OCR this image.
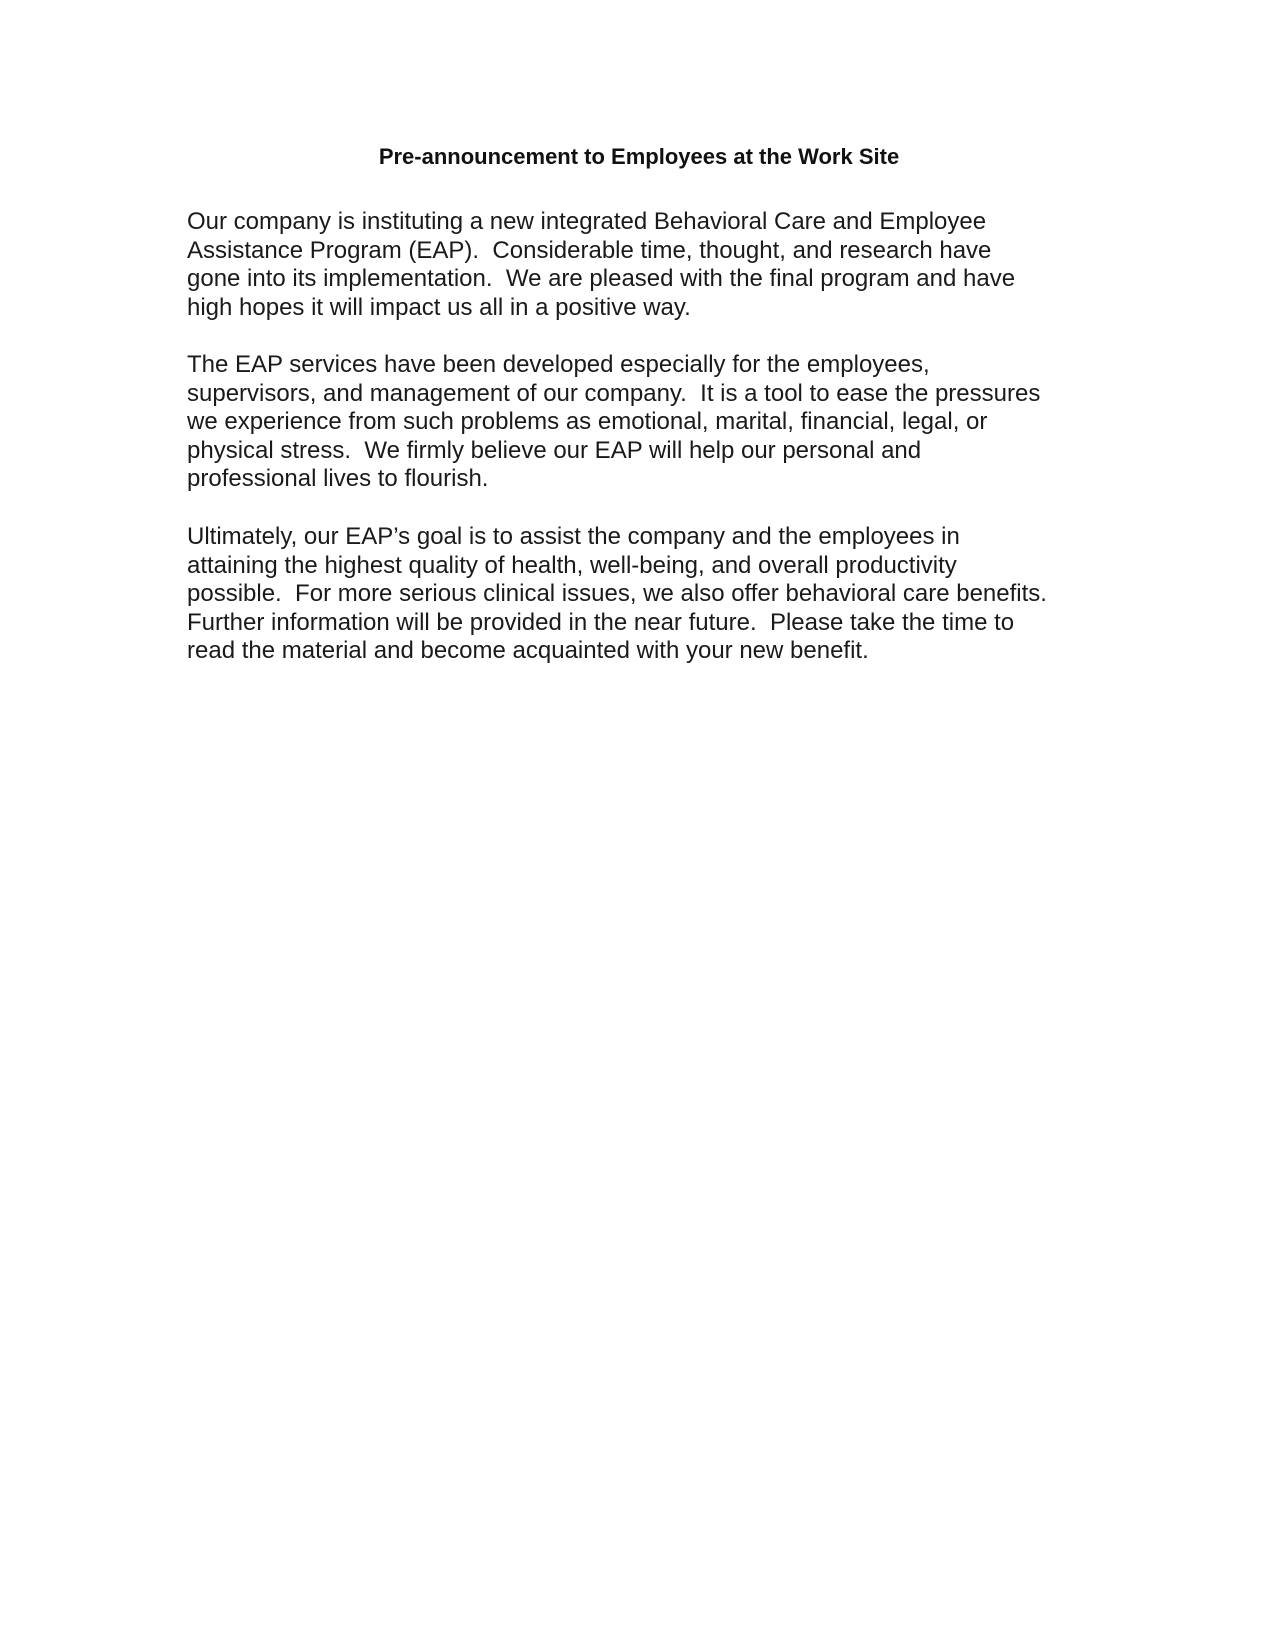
Pre-announcement to Employees at the Work Site

Our company is instituting a new integrated Behavioral Care and Employee
Assistance Program (EAP).  Considerable time, thought, and research have
gone into its implementation.  We are pleased with the final program and have
high hopes it will impact us all in a positive way.

The EAP services have been developed especially for the employees,
supervisors, and management of our company.  It is a tool to ease the pressures
we experience from such problems as emotional, marital, financial, legal, or
physical stress.  We firmly believe our EAP will help our personal and
professional lives to flourish.

Ultimately, our EAP’s goal is to assist the company and the employees in
attaining the highest quality of health, well-being, and overall productivity
possible.  For more serious clinical issues, we also offer behavioral care benefits.
Further information will be provided in the near future.  Please take the time to
read the material and become acquainted with your new benefit.
